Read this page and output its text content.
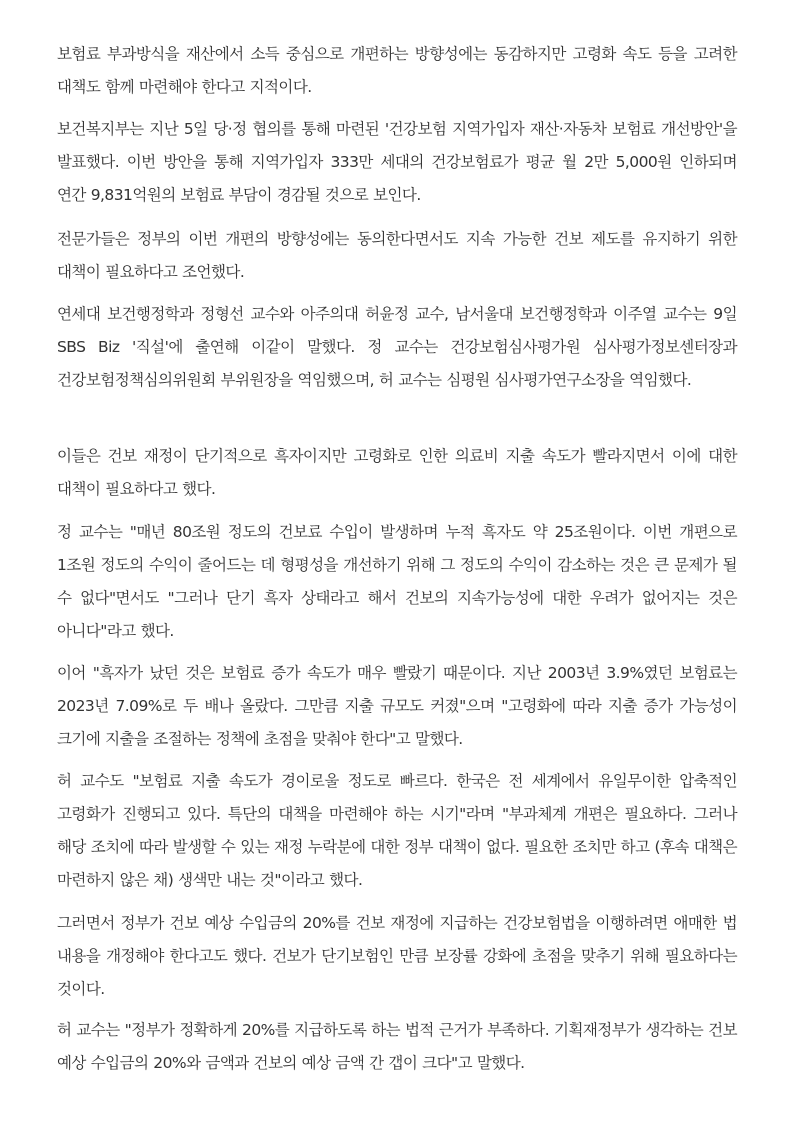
보험료 부과방식을 재산에서 소득 중심으로 개편하는 방향성에는 동감하지만 고령화 속도 등을 고려한 대책도 함께 마련해야 한다고 지적이다.

보건복지부는 지난 5일 당·정 협의를 통해 마련된 '건강보험 지역가입자 재산·자동차 보험료 개선방안'을 발표했다. 이번 방안을 통해 지역가입자 333만 세대의 건강보험료가 평균 월 2만 5,000원 인하되며 연간 9,831억원의 보험료 부담이 경감될 것으로 보인다.

전문가들은 정부의 이번 개편의 방향성에는 동의한다면서도 지속 가능한 건보 제도를 유지하기 위한 대책이 필요하다고 조언했다.

연세대 보건행정학과 정형선 교수와 아주의대 허윤정 교수, 남서울대 보건행정학과 이주열 교수는 9일 SBS Biz '직설'에 출연해 이같이 말했다. 정 교수는 건강보험심사평가원 심사평가정보센터장과 건강보험정책심의위원회 부위원장을 역임했으며, 허 교수는 심평원 심사평가연구소장을 역임했다.

이들은 건보 재정이 단기적으로 흑자이지만 고령화로 인한 의료비 지출 속도가 빨라지면서 이에 대한 대책이 필요하다고 했다.

정 교수는 "매년 80조원 정도의 건보료 수입이 발생하며 누적 흑자도 약 25조원이다. 이번 개편으로 1조원 정도의 수익이 줄어드는 데 형평성을 개선하기 위해 그 정도의 수익이 감소하는 것은 큰 문제가 될 수 없다"면서도 "그러나 단기 흑자 상태라고 해서 건보의 지속가능성에 대한 우려가 없어지는 것은 아니다"라고 했다.

이어 "흑자가 났던 것은 보험료 증가 속도가 매우 빨랐기 때문이다. 지난 2003년 3.9%였던 보험료는 2023년 7.09%로 두 배나 올랐다. 그만큼 지출 규모도 커졌"으며 "고령화에 따라 지출 증가 가능성이 크기에 지출을 조절하는 정책에 초점을 맞춰야 한다"고 말했다.

허 교수도 "보험료 지출 속도가 경이로울 정도로 빠르다. 한국은 전 세계에서 유일무이한 압축적인 고령화가 진행되고 있다. 특단의 대책을 마련해야 하는 시기"라며 "부과체계 개편은 필요하다. 그러나 해당 조치에 따라 발생할 수 있는 재정 누락분에 대한 정부 대책이 없다. 필요한 조치만 하고 (후속 대책은 마련하지 않은 채) 생색만 내는 것"이라고 했다.

그러면서 정부가 건보 예상 수입금의 20%를 건보 재정에 지급하는 건강보험법을 이행하려면 애매한 법 내용을 개정해야 한다고도 했다. 건보가 단기보험인 만큼 보장률 강화에 초점을 맞추기 위해 필요하다는 것이다.

허 교수는 "정부가 정확하게 20%를 지급하도록 하는 법적 근거가 부족하다. 기획재정부가 생각하는 건보 예상 수입금의 20%와 금액과 건보의 예상 금액 간 갭이 크다"고 말했다.
